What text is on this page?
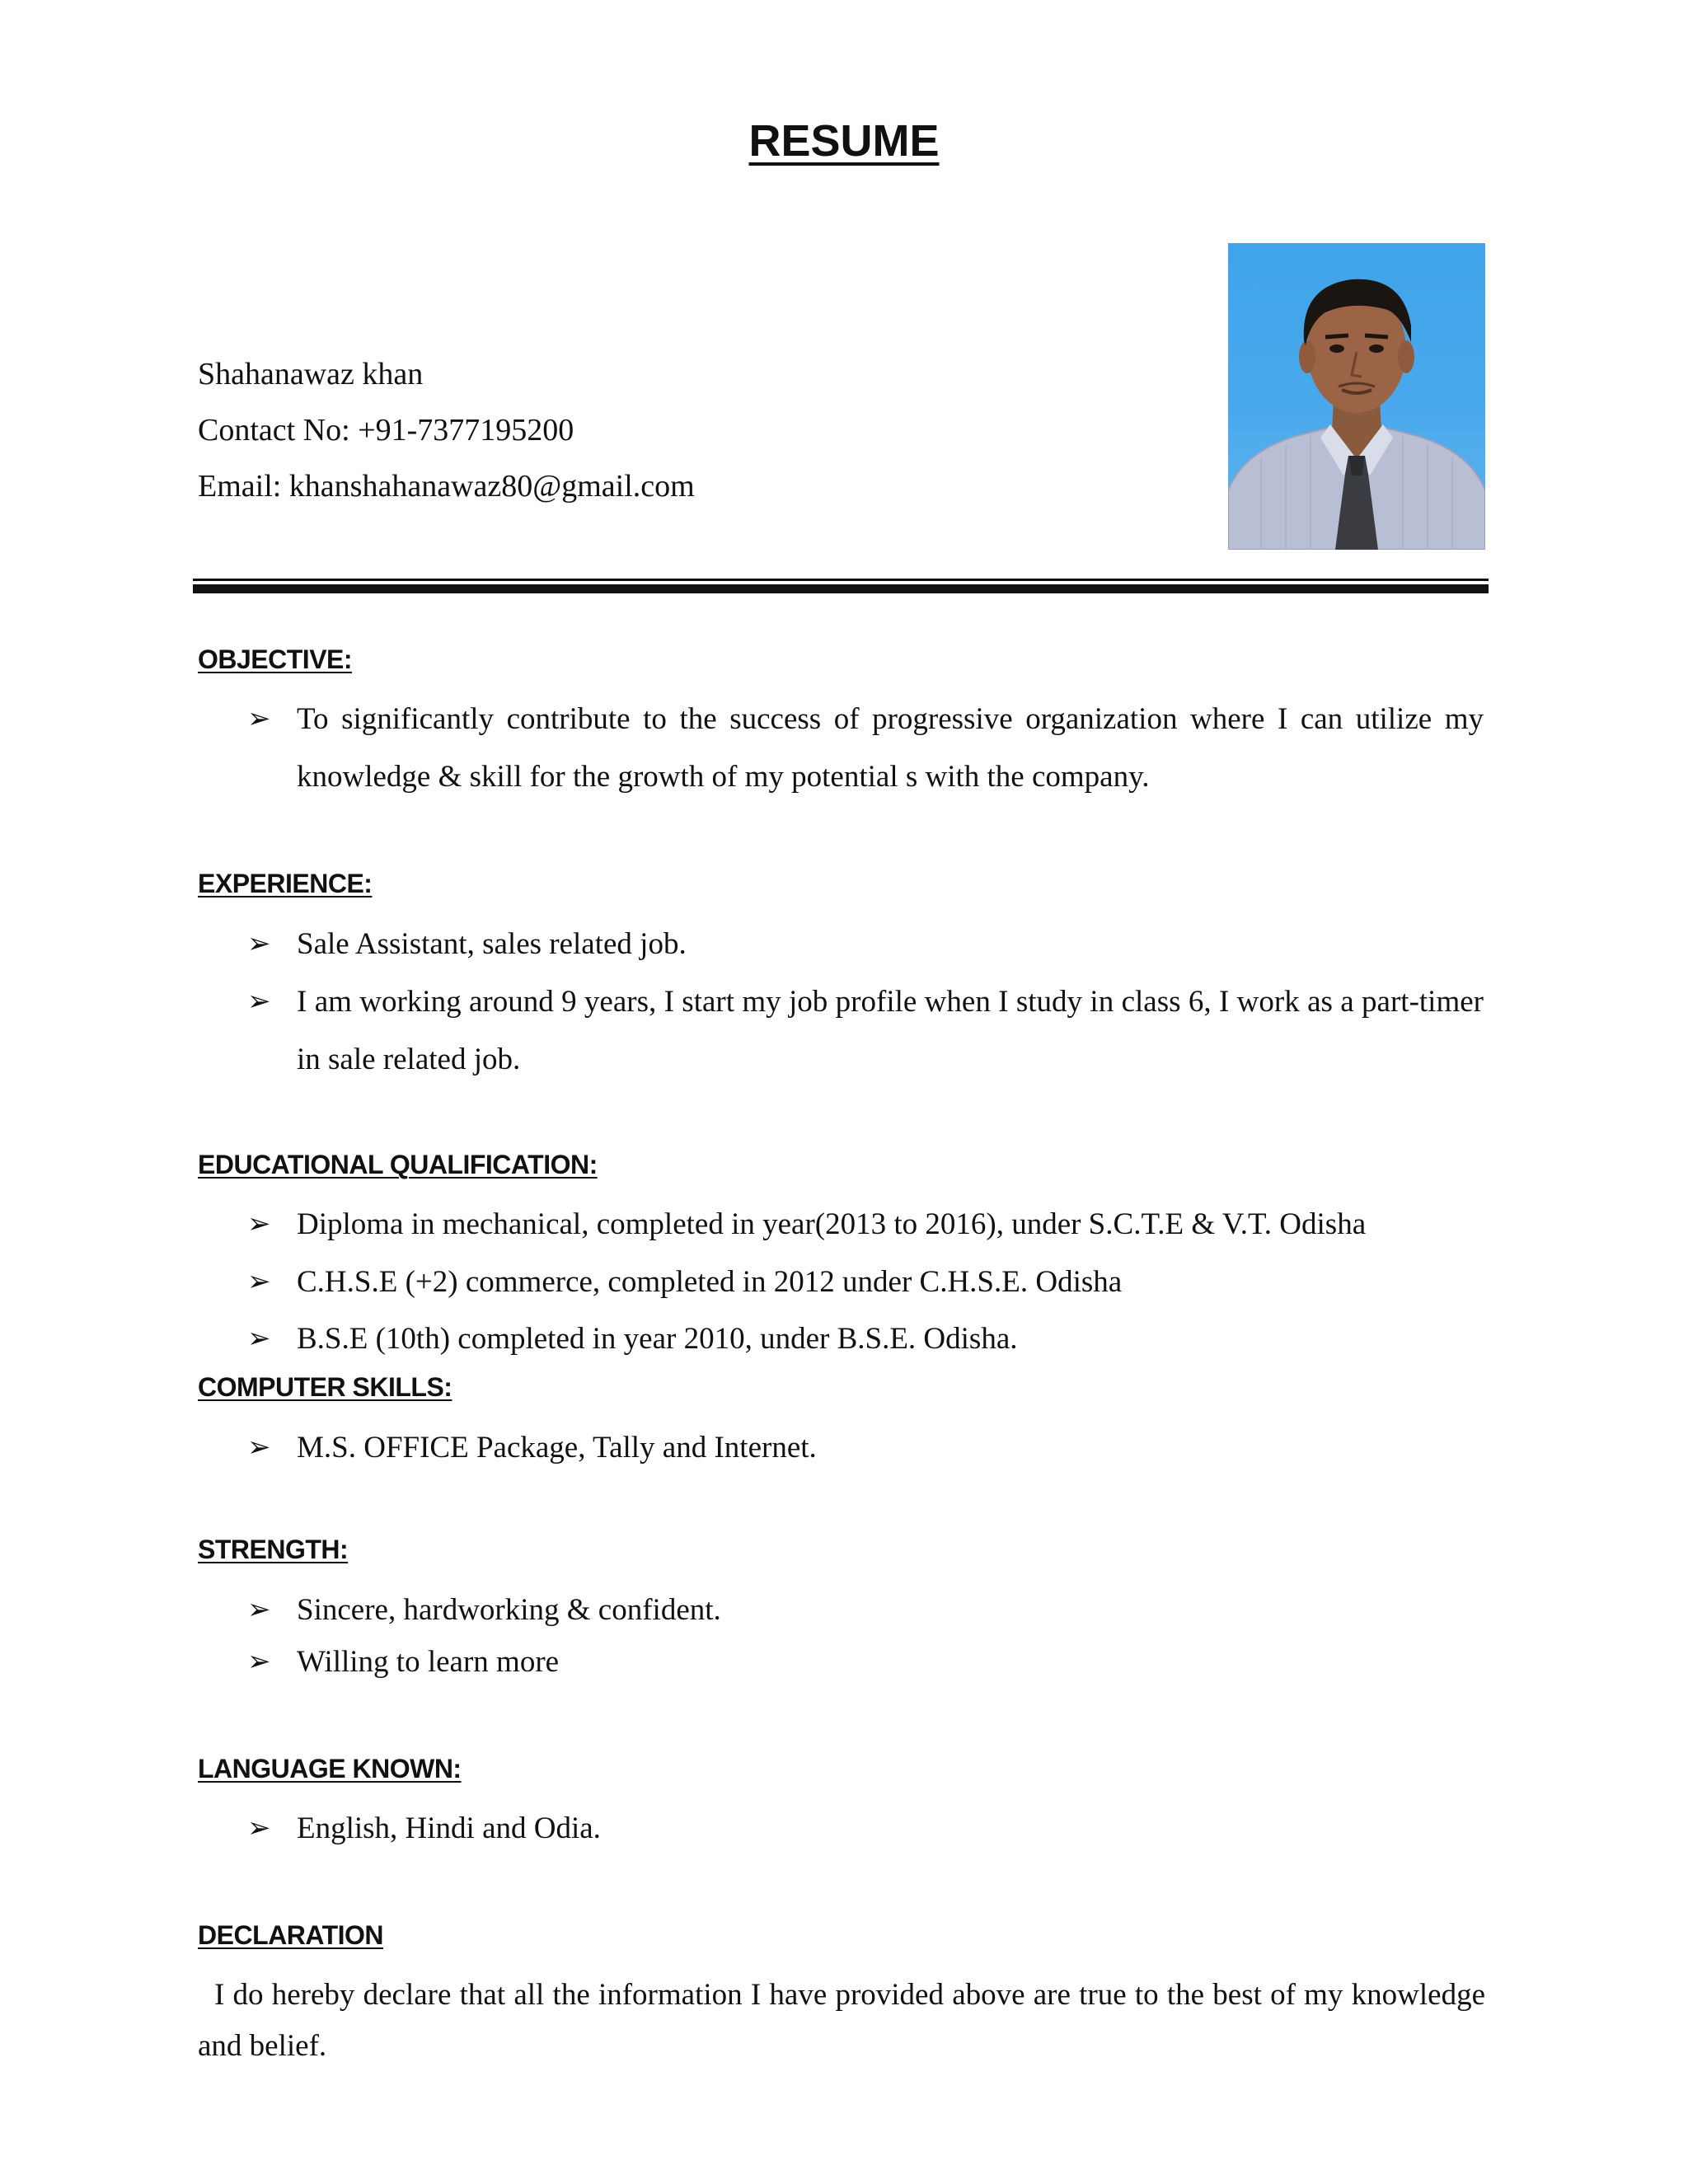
RESUME
Shahanawaz khan
Contact No: +91-7377195200
Email: khanshahanawaz80@gmail.com
OBJECTIVE:
➢ To significantly contribute to the success of progressive organization where I can utilize my knowledge & skill for the growth of my potential s with the company.
EXPERIENCE:
➢ Sale Assistant, sales related job.
➢ I am working around 9 years, I start my job profile when I study in class 6, I work as a part-timer in sale related job.
EDUCATIONAL QUALIFICATION:
➢ Diploma in mechanical, completed in year(2013 to 2016), under S.C.T.E & V.T. Odisha
➢ C.H.S.E (+2) commerce, completed in 2012 under C.H.S.E. Odisha
➢ B.S.E (10th) completed in year 2010, under B.S.E. Odisha.
COMPUTER SKILLS:
➢ M.S. OFFICE Package, Tally and Internet.
STRENGTH:
➢ Sincere, hardworking & confident.
➢ Willing to learn more
LANGUAGE KNOWN:
➢ English, Hindi and Odia.
DECLARATION
I do hereby declare that all the information I have provided above are true to the best of my knowledge and belief.
